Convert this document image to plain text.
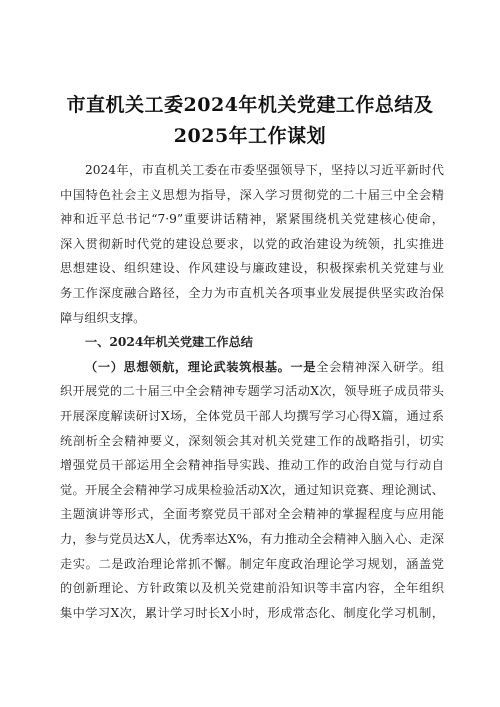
市直机关工委2024年机关党建工作总结及
2025年工作谋划
2024年，市直机关工委在市委坚强领导下，坚持以习近平新时代
中国特色社会主义思想为指导，深入学习贯彻党的二十届三中全会精
神和近平总书记“7·9”重要讲话精神，紧紧围绕机关党建核心使命，
深入贯彻新时代党的建设总要求，以党的政治建设为统领，扎实推进
思想建设、组织建设、作风建设与廉政建设，积极探索机关党建与业
务工作深度融合路径，全力为市直机关各项事业发展提供坚实政治保
障与组织支撑。
一、2024年机关党建工作总结
（一）思想领航，理论武装筑根基。一是全会精神深入研学。组
织开展党的二十届三中全会精神专题学习活动X次，领导班子成员带头
开展深度解读研讨X场，全体党员干部人均撰写学习心得X篇，通过系
统剖析全会精神要义，深刻领会其对机关党建工作的战略指引，切实
增强党员干部运用全会精神指导实践、推动工作的政治自觉与行动自
觉。开展全会精神学习成果检验活动X次，通过知识竞赛、理论测试、
主题演讲等形式，全面考察党员干部对全会精神的掌握程度与应用能
力，参与党员达X人，优秀率达X%，有力推动全会精神入脑入心、走深
走实。二是政治理论常抓不懈。制定年度政治理论学习规划，涵盖党
的创新理论、方针政策以及机关党建前沿知识等丰富内容，全年组织
集中学习X次，累计学习时长X小时，形成常态化、制度化学习机制，
